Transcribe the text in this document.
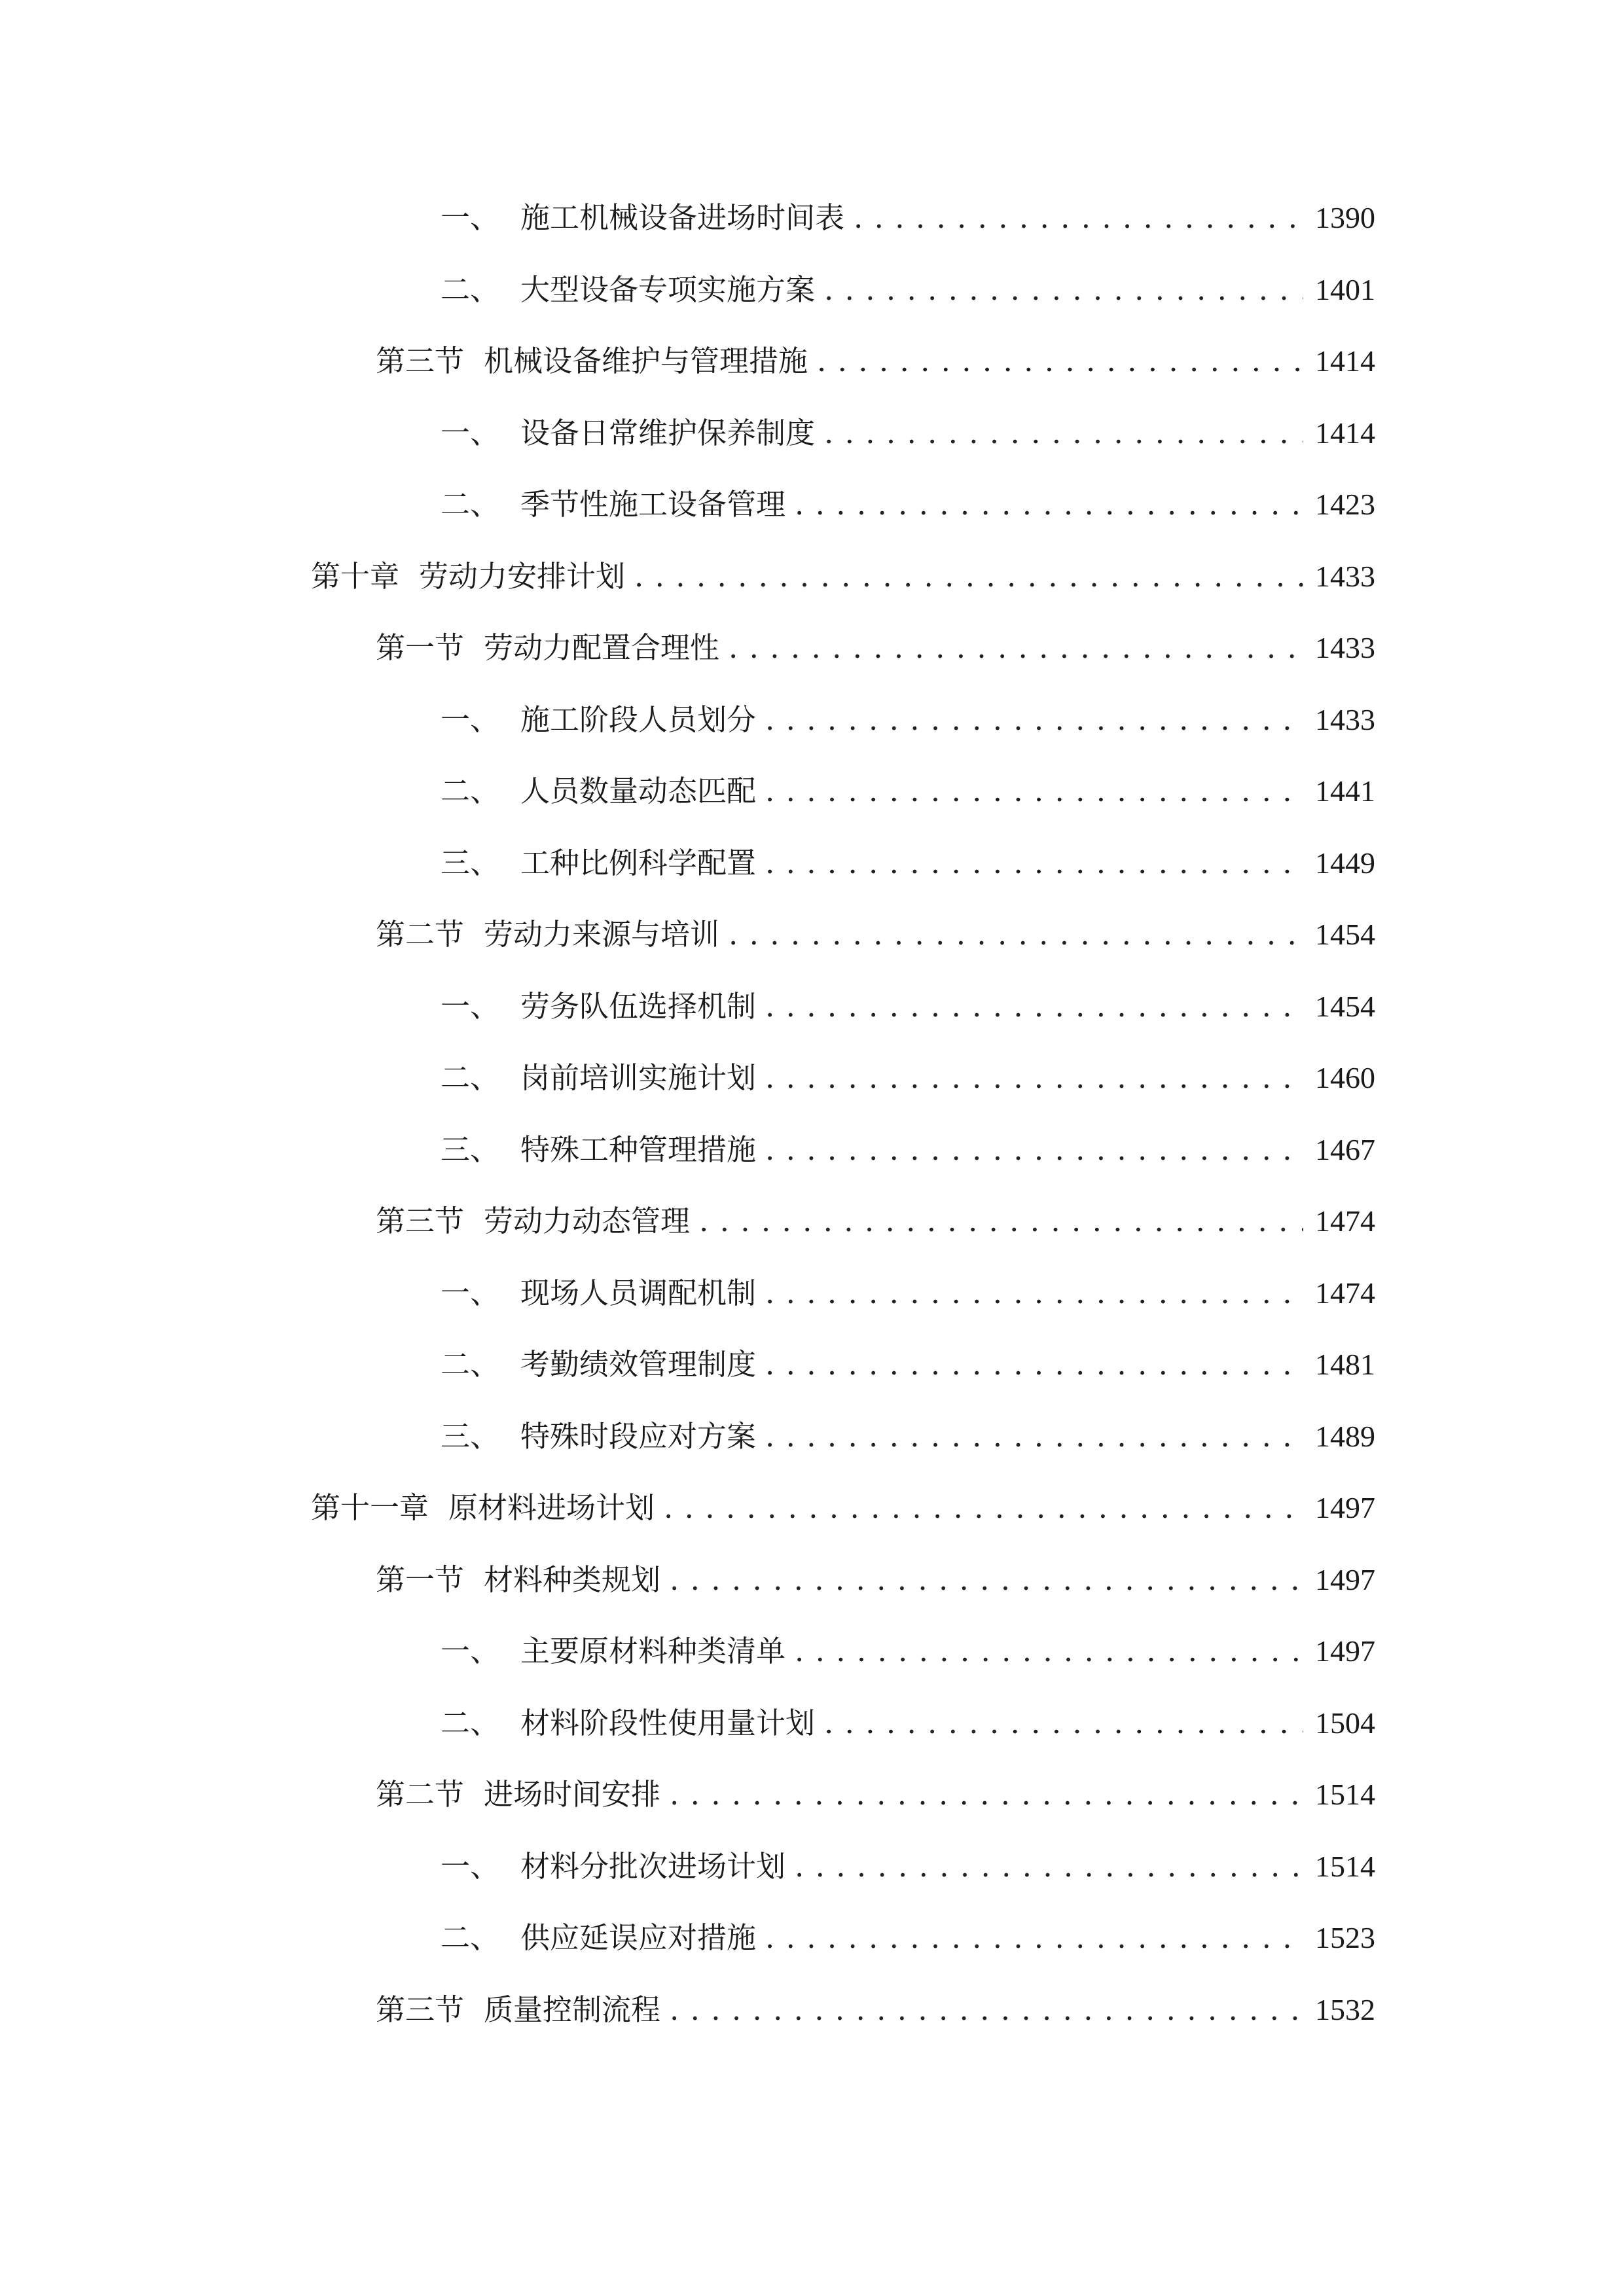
一、 施工机械设备进场时间表 . . .	1390
二、 大型设备专项实施方案 . . .	1401
第三节 机械设备维护与管理措施 . . .	1414
一、 设备日常维护保养制度 . . .	1414
二、 季节性施工设备管理 . . .	1423
第十章 劳动力安排计划 . . .	1433
第一节 劳动力配置合理性 . . .	1433
一、 施工阶段人员划分 . . .	1433
二、 人员数量动态匹配 . . .	1441
三、 工种比例科学配置 . . .	1449
第二节 劳动力来源与培训 . . .	1454
一、 劳务队伍选择机制 . . .	1454
二、 岗前培训实施计划 . . .	1460
三、 特殊工种管理措施 . . .	1467
第三节 劳动力动态管理 . . .	1474
一、 现场人员调配机制 . . .	1474
二、 考勤绩效管理制度 . . .	1481
三、 特殊时段应对方案 . . .	1489
第十一章 原材料进场计划 . . .	1497
第一节 材料种类规划 . . .	1497
一、 主要原材料种类清单 . . .	1497
二、 材料阶段性使用量计划 . . .	1504
第二节 进场时间安排 . . .	1514
一、 材料分批次进场计划 . . .	1514
二、 供应延误应对措施 . . .	1523
第三节 质量控制流程 . . .	1532
